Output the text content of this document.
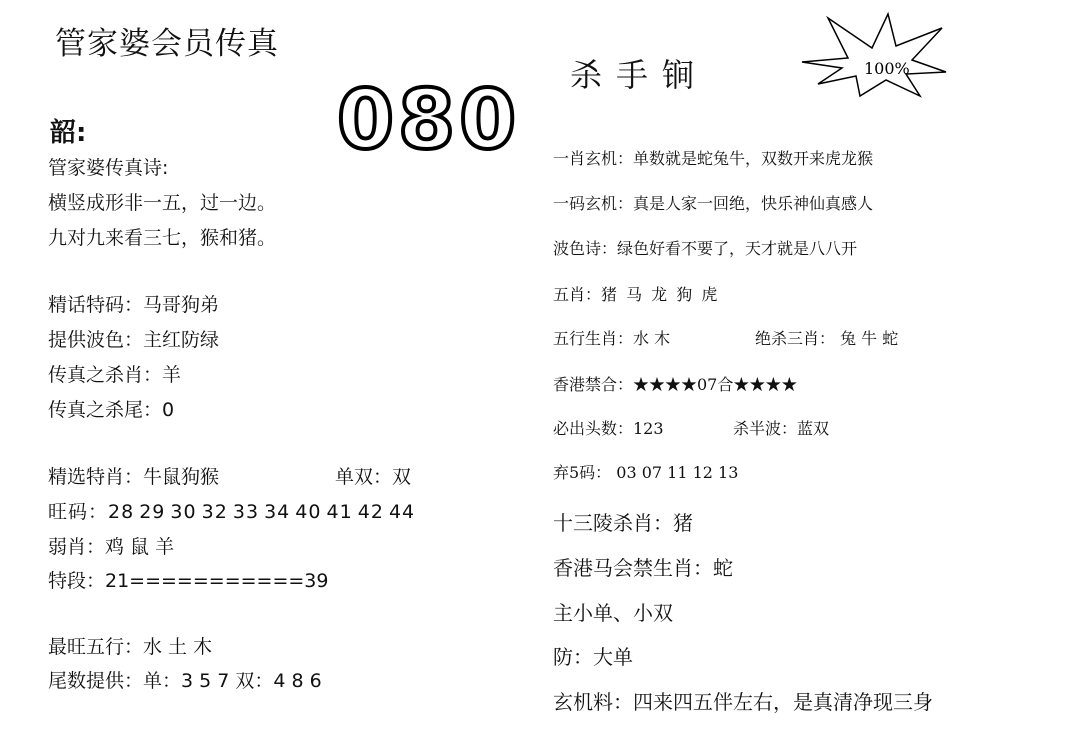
管家婆会员传真
韶:	080
管家婆传真诗:
横竖成形非一五，过一边。
九对九来看三七，猴和猪。
精话特码：马哥狗弟
提供波色：主红防绿
传真之杀肖：羊
传真之杀尾：0
精选特肖：牛鼠狗猴	单双：双
旺码：28 29 30 32 33 34 40 41 42 44
弱肖：鸡 鼠 羊
特段：21===========39
最旺五行：水 土 木
尾数提供：单：3 5 7 双：4 8 6
杀手锏	100%
一肖玄机：单数就是蛇兔牛，双数开来虎龙猴
一码玄机：真是人家一回绝，快乐神仙真感人
波色诗：绿色好看不要了，天才就是八八开
五肖：猪 马 龙 狗 虎
五行生肖：水 木	绝杀三肖： 兔 牛 蛇
香港禁合：★★★★07合★★★★
必出头数：123	杀半波：蓝双
弃5码： 03 07 11 12 13
十三陵杀肖：猪
香港马会禁生肖：蛇
主小单、小双
防：大单
玄机料：四来四五伴左右，是真清净现三身
